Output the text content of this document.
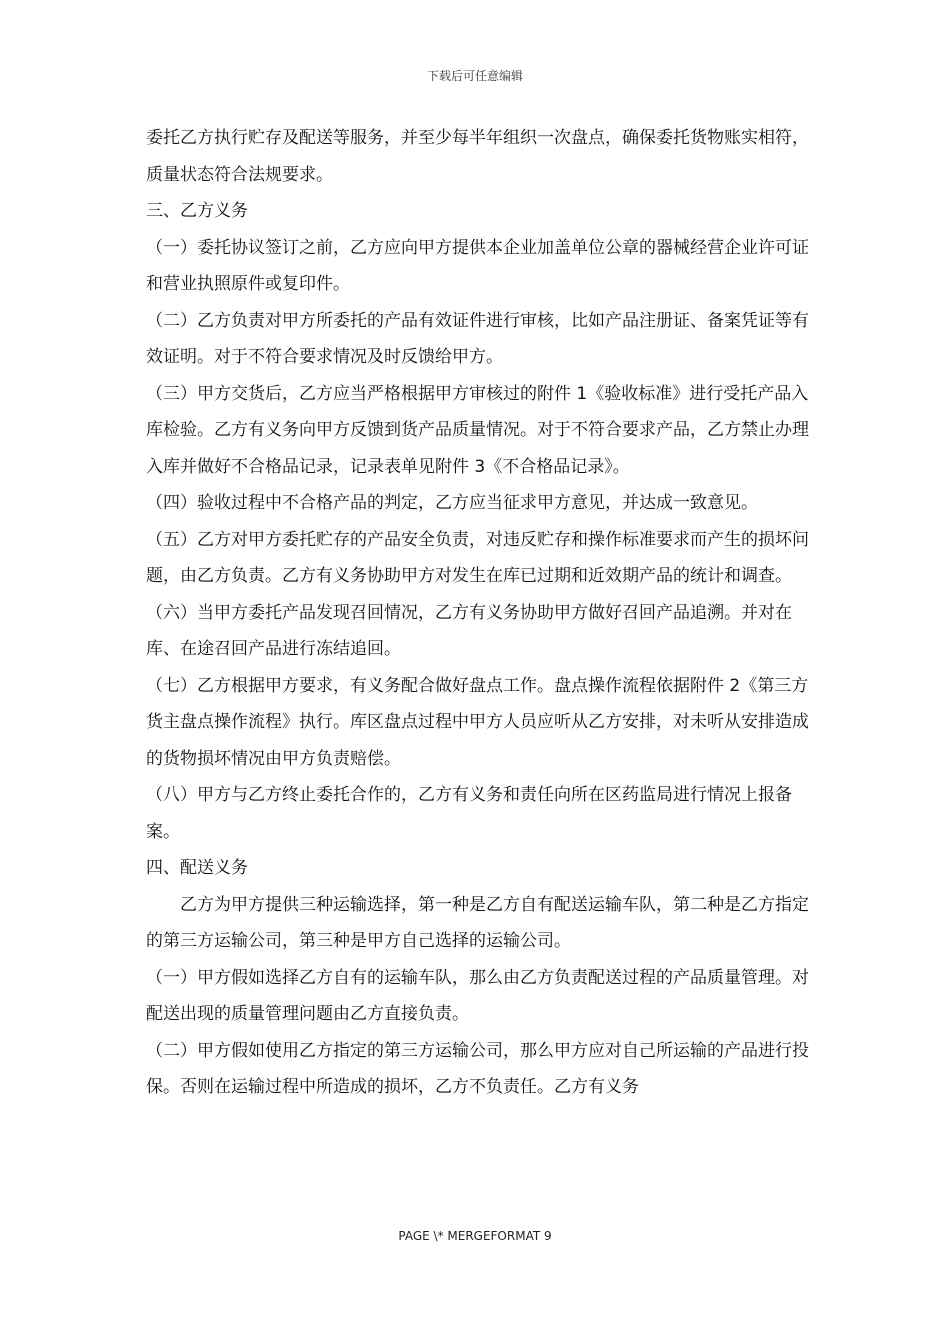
下载后可任意编辑

委托乙方执行贮存及配送等服务，并至少每半年组织一次盘点，确保委托货物账实相符，质量状态符合法规要求。

三、乙方义务

（一）委托协议签订之前，乙方应向甲方提供本企业加盖单位公章的器械经营企业许可证和营业执照原件或复印件。

（二）乙方负责对甲方所委托的产品有效证件进行审核，比如产品注册证、备案凭证等有效证明。对于不符合要求情况及时反馈给甲方。

（三）甲方交货后，乙方应当严格根据甲方审核过的附件 1《验收标准》进行受托产品入库检验。乙方有义务向甲方反馈到货产品质量情况。对于不符合要求产品，乙方禁止办理入库并做好不合格品记录，记录表单见附件 3《不合格品记录》。

（四）验收过程中不合格产品的判定，乙方应当征求甲方意见，并达成一致意见。

（五）乙方对甲方委托贮存的产品安全负责，对违反贮存和操作标准要求而产生的损坏问题，由乙方负责。乙方有义务协助甲方对发生在库已过期和近效期产品的统计和调查。

（六）当甲方委托产品发现召回情况，乙方有义务协助甲方做好召回产品追溯。并对在库、在途召回产品进行冻结追回。

（七）乙方根据甲方要求，有义务配合做好盘点工作。盘点操作流程依据附件 2《第三方货主盘点操作流程》执行。库区盘点过程中甲方人员应听从乙方安排，对未听从安排造成的货物损坏情况由甲方负责赔偿。

（八）甲方与乙方终止委托合作的，乙方有义务和责任向所在区药监局进行情况上报备案。

四、配送义务

乙方为甲方提供三种运输选择，第一种是乙方自有配送运输车队，第二种是乙方指定的第三方运输公司，第三种是甲方自己选择的运输公司。

（一）甲方假如选择乙方自有的运输车队，那么由乙方负责配送过程的产品质量管理。对配送出现的质量管理问题由乙方直接负责。

（二）甲方假如使用乙方指定的第三方运输公司，那么甲方应对自己所运输的产品进行投保。否则在运输过程中所造成的损坏，乙方不负责任。乙方有义务

PAGE \* MERGEFORMAT 9
